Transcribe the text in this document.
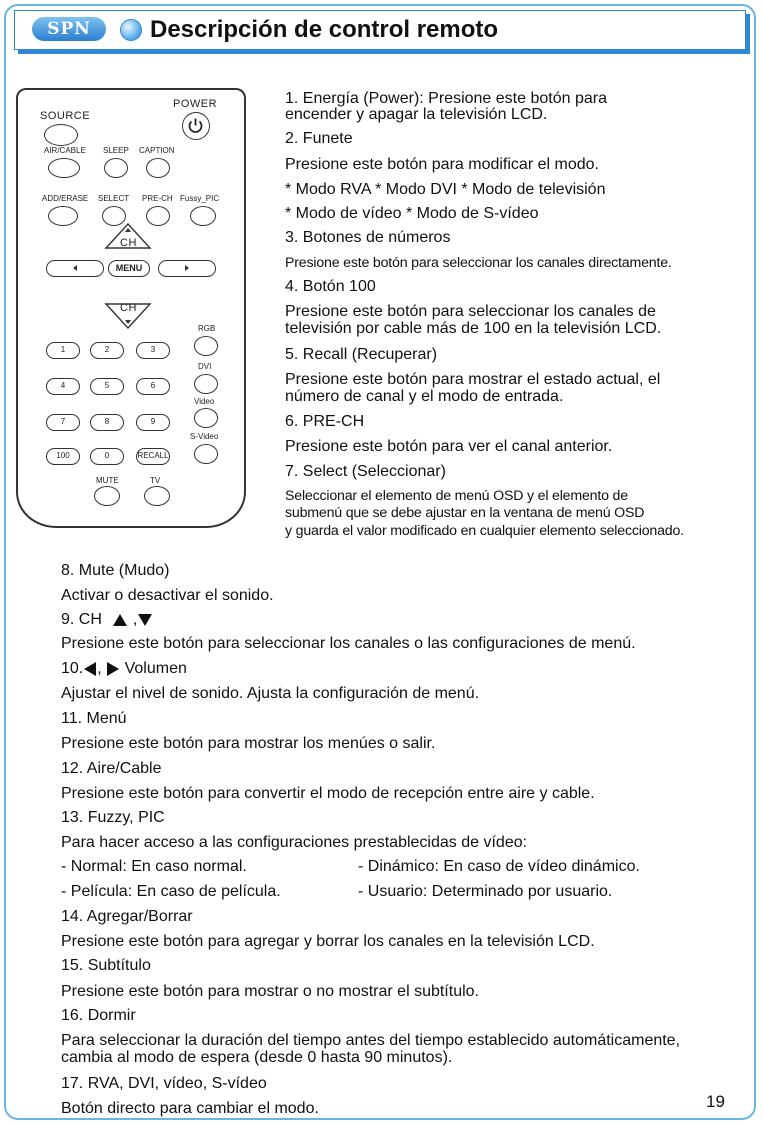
SPN	Descripción de control remoto
SOURCE
POWER
AIR/CABLE SLEEP CAPTION
ADD/ERASE SELECT PRE-CH Fussy_PIC
CH
MENU
CH
RGB
DVI
Video
S-Video
1	2	3
4	5	6
7	8	9
100	0	RECALL
MUTE	TV
1. Energía (Power): Presione este botón para
encender y apagar la televisión LCD.
2. Funete
Presione este botón para modificar el modo.
* Modo RVA * Modo DVI * Modo de televisión
* Modo de vídeo * Modo de S-vídeo
3. Botones de números
Presione este botón para seleccionar los canales directamente.
4. Botón 100
Presione este botón para seleccionar los canales de
televisión por cable más de 100 en la televisión LCD.
5. Recall (Recuperar)
Presione este botón para mostrar el estado actual, el
número de canal y el modo de entrada.
6. PRE-CH
Presione este botón para ver el canal anterior.
7. Select (Seleccionar)
Seleccionar el elemento de menú OSD y el elemento de
submenú que se debe ajustar en la ventana de menú OSD
y guarda el valor modificado en cualquier elemento seleccionado.
8. Mute (Mudo)
Activar o desactivar el sonido.
9. CH ,
Presione este botón para seleccionar los canales o las configuraciones de menú.
10. , Volumen
Ajustar el nivel de sonido. Ajusta la configuración de menú.
11. Menú
Presione este botón para mostrar los menúes o salir.
12. Aire/Cable
Presione este botón para convertir el modo de recepción entre aire y cable.
13. Fuzzy, PIC
Para hacer acceso a las configuraciones prestablecidas de vídeo:
- Normal: En caso normal.	- Dinámico: En caso de vídeo dinámico.
- Película: En caso de película.	- Usuario: Determinado por usuario.
14. Agregar/Borrar
Presione este botón para agregar y borrar los canales en la televisión LCD.
15. Subtítulo
Presione este botón para mostrar o no mostrar el subtítulo.
16. Dormir
Para seleccionar la duración del tiempo antes del tiempo establecido automáticamente,
cambia al modo de espera (desde 0 hasta 90 minutos).
17. RVA, DVI, vídeo, S-vídeo
Botón directo para cambiar el modo.	19
